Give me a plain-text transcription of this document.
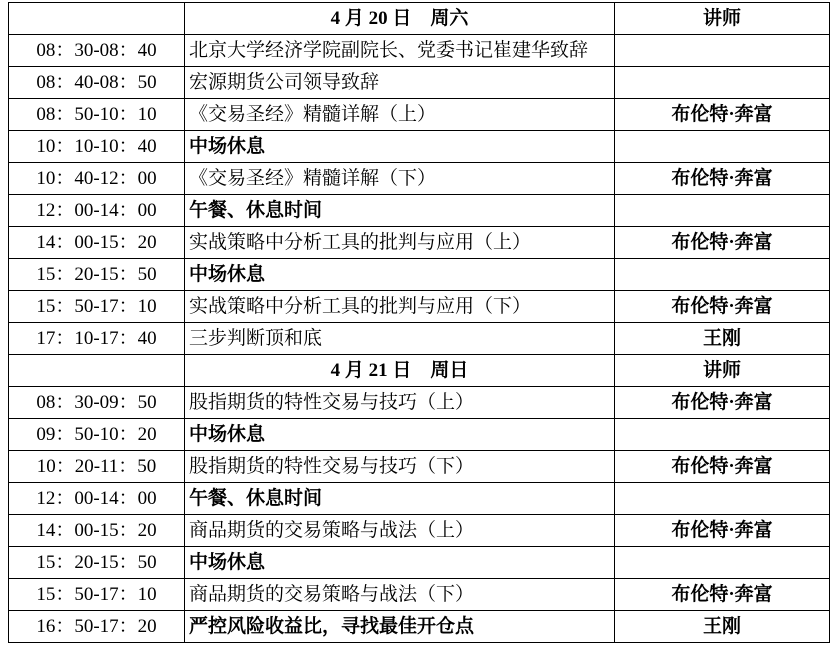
	4 月 20 日　周六	讲师
08：30-08：40	北京大学经济学院副院长、党委书记崔建华致辞	
08：40-08：50	宏源期货公司领导致辞	
08：50-10：10	《交易圣经》精髓详解（上）	布伦特·奔富
10：10-10：40	中场休息	
10：40-12：00	《交易圣经》精髓详解（下）	布伦特·奔富
12：00-14：00	午餐、休息时间	
14：00-15：20	实战策略中分析工具的批判与应用（上）	布伦特·奔富
15：20-15：50	中场休息	
15：50-17：10	实战策略中分析工具的批判与应用（下）	布伦特·奔富
17：10-17：40	三步判断顶和底	王刚
	4 月 21 日　周日	讲师
08：30-09：50	股指期货的特性交易与技巧（上）	布伦特·奔富
09：50-10：20	中场休息	
10：20-11：50	股指期货的特性交易与技巧（下）	布伦特·奔富
12：00-14：00	午餐、休息时间	
14：00-15：20	商品期货的交易策略与战法（上）	布伦特·奔富
15：20-15：50	中场休息	
15：50-17：10	商品期货的交易策略与战法（下）	布伦特·奔富
16：50-17：20	严控风险收益比，寻找最佳开仓点	王刚
